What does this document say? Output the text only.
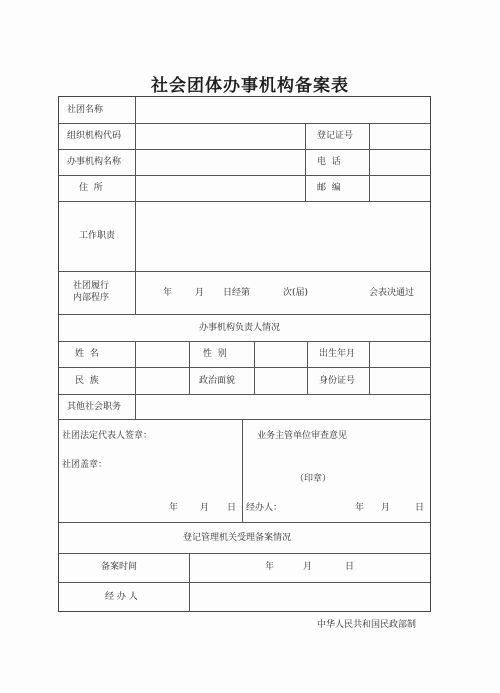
社会团体办事机构备案表
社团名称
组织机构代码	登记证号
办事机构名称	电  话
住  所	邮  编
工作职责
社团履行
内部程序	年	月 日经第	次(届)	会表决通过
办事机构负责人情况
姓  名	性  别	出生年月
民  族	政治面貌	身份证号
其他社会职务
社团法定代表人签章：
社团盖章：
年 月 日
业务主管单位审查意见
（印章）
经办人：	年 月	日
登记管理机关受理备案情况
备案时间	年	月	日
经 办 人
中华人民共和国民政部制
